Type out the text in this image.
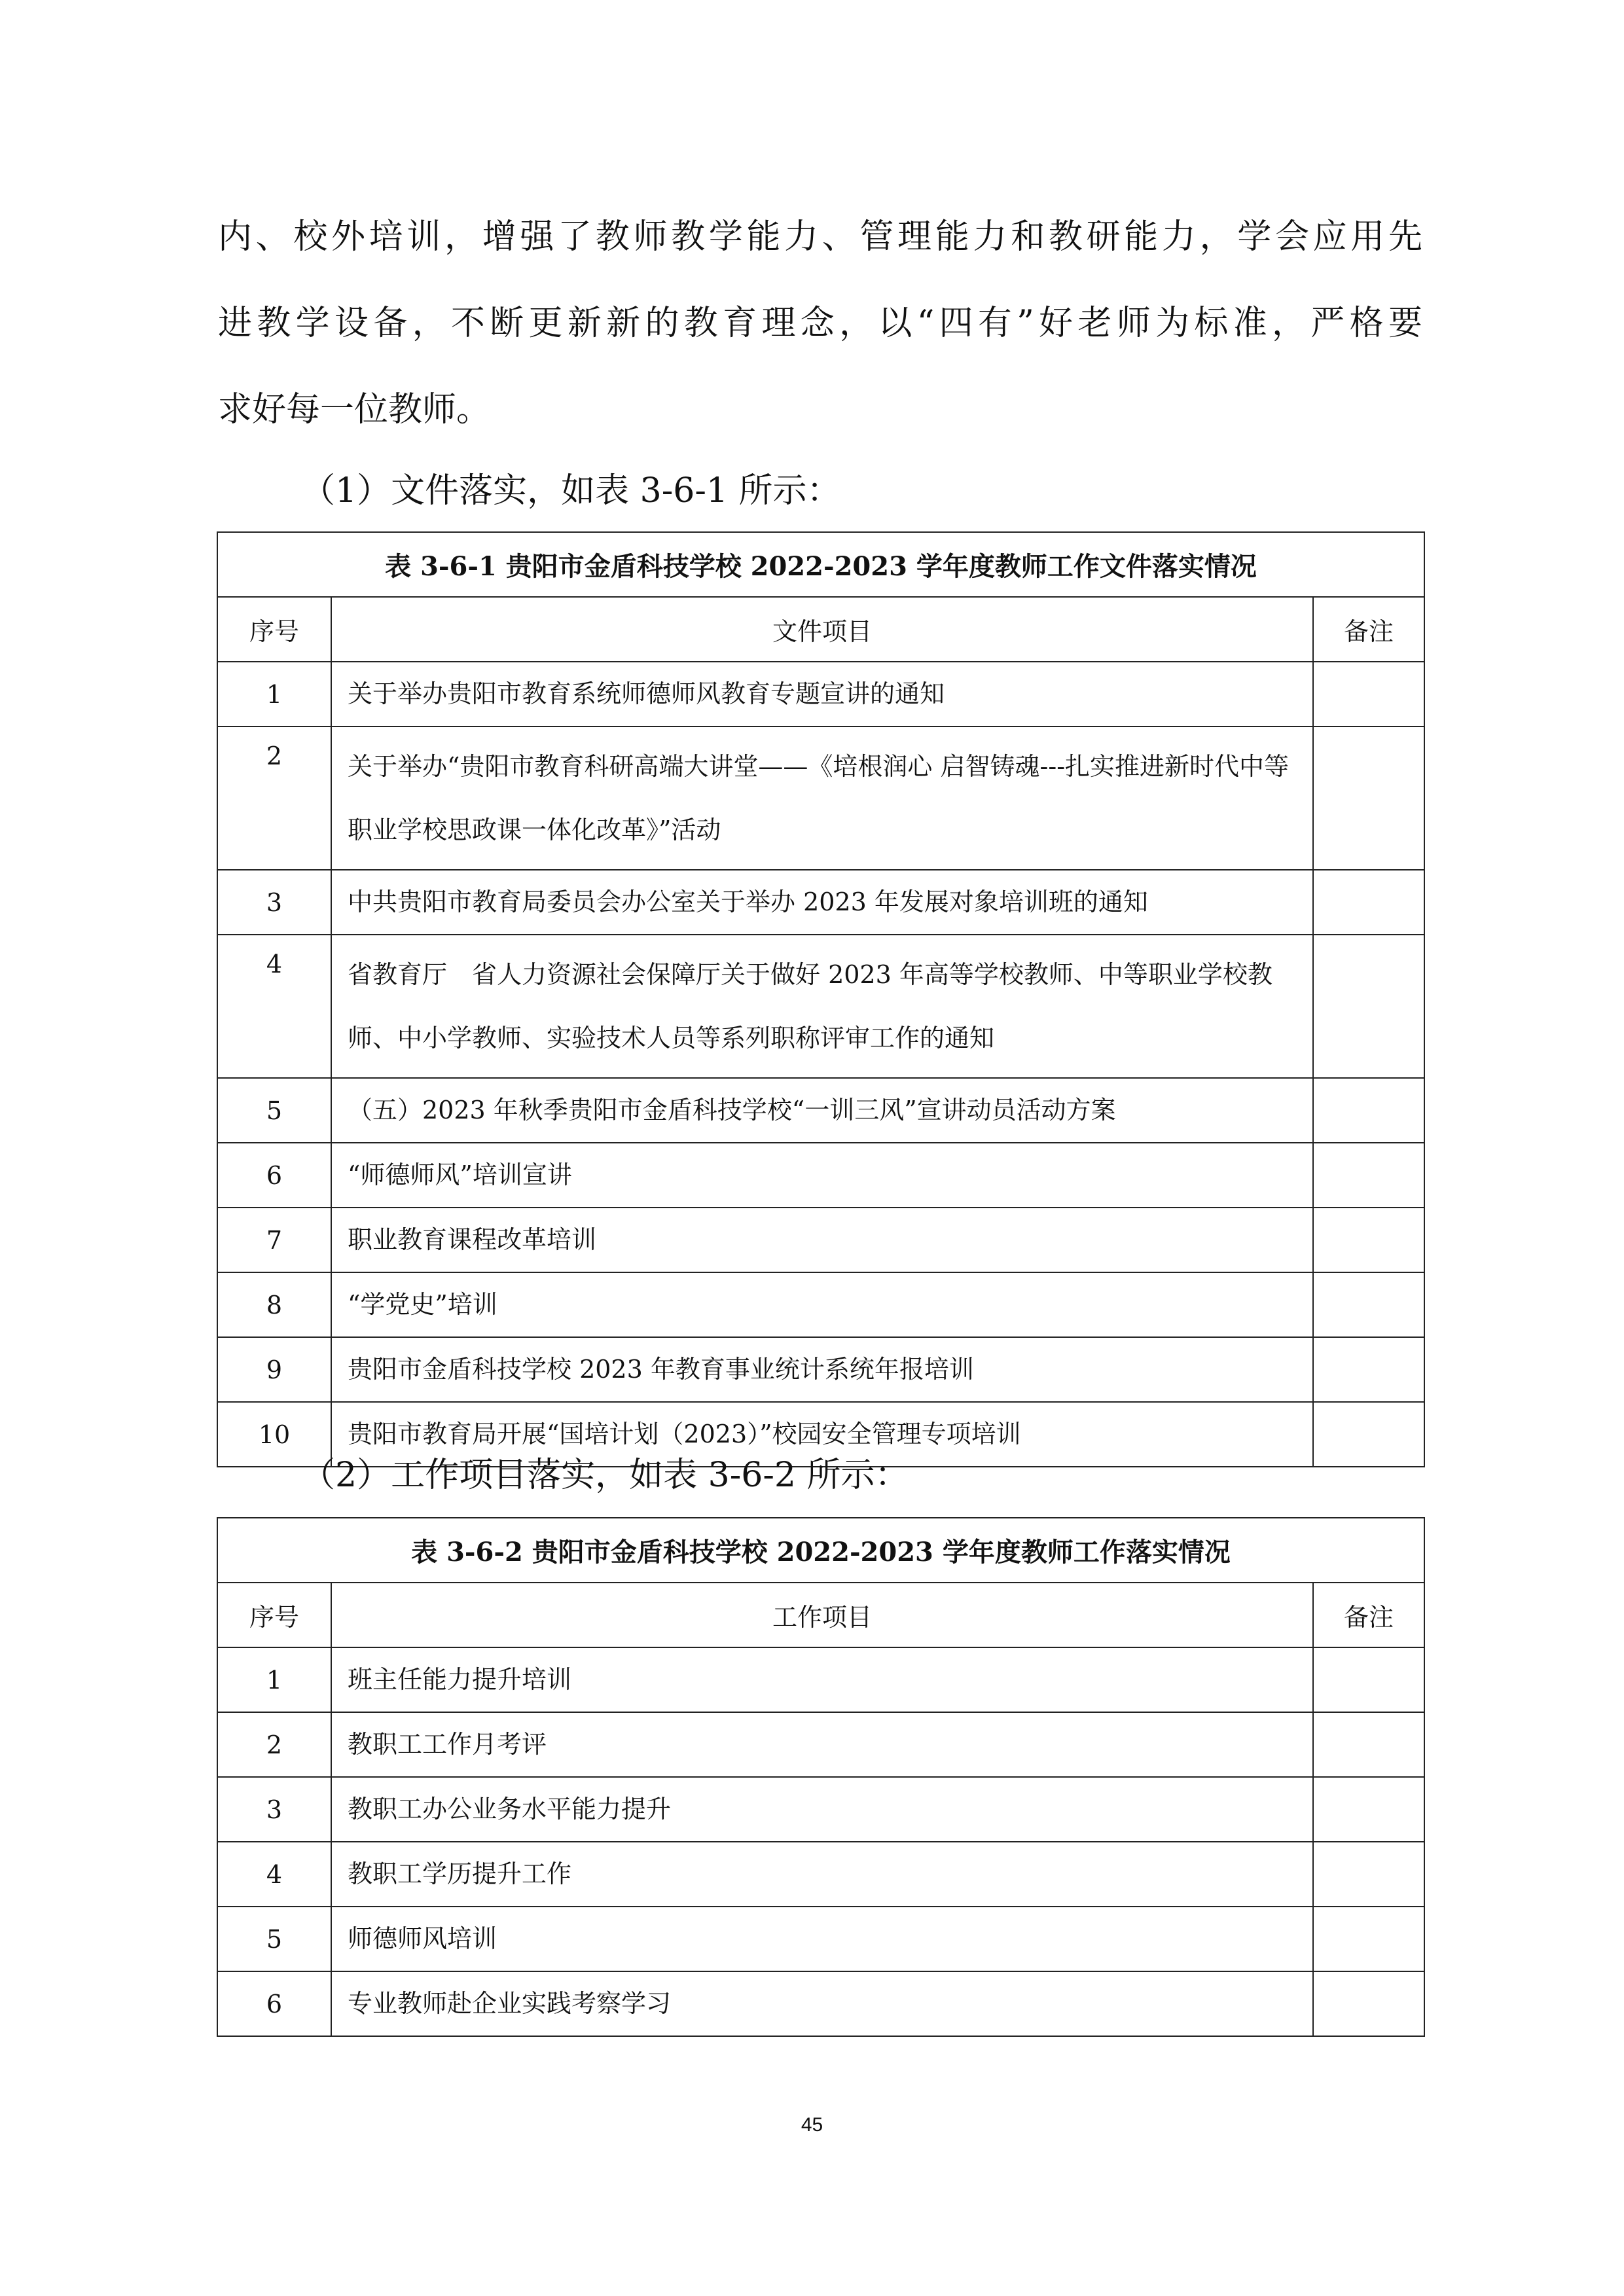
内、校外培训，增强了教师教学能力、管理能力和教研能力，学会应用先
进教学设备，不断更新新的教育理念，以“四有”好老师为标准，严格要
求好每一位教师。
（1）文件落实，如表 3-6-1 所示：
表 3-6-1 贵阳市金盾科技学校 2022-2023 学年度教师工作文件落实情况		
序号	文件项目	备注
1	关于举办贵阳市教育系统师德师风教育专题宣讲的通知	
2	关于举办“贵阳市教育科研高端大讲堂——《培根润心 启智铸魂---扎实推进新时代中等职业学校思政课一体化改革》”活动	
3	中共贵阳市教育局委员会办公室关于举办 2023 年发展对象培训班的通知	
4	省教育厅　省人力资源社会保障厅关于做好 2023 年高等学校教师、中等职业学校教师、中小学教师、实验技术人员等系列职称评审工作的通知	
5	（五）2023 年秋季贵阳市金盾科技学校“一训三风”宣讲动员活动方案	
6	“师德师风”培训宣讲	
7	职业教育课程改革培训	
8	“学党史”培训	
9	贵阳市金盾科技学校 2023 年教育事业统计系统年报培训	
10	贵阳市教育局开展“国培计划（2023）”校园安全管理专项培训	
（2）工作项目落实，如表 3-6-2 所示：
表 3-6-2 贵阳市金盾科技学校 2022-2023 学年度教师工作落实情况		
序号	工作项目	备注
1	班主任能力提升培训	
2	教职工工作月考评	
3	教职工办公业务水平能力提升	
4	教职工学历提升工作	
5	师德师风培训	
6	专业教师赴企业实践考察学习	
45
